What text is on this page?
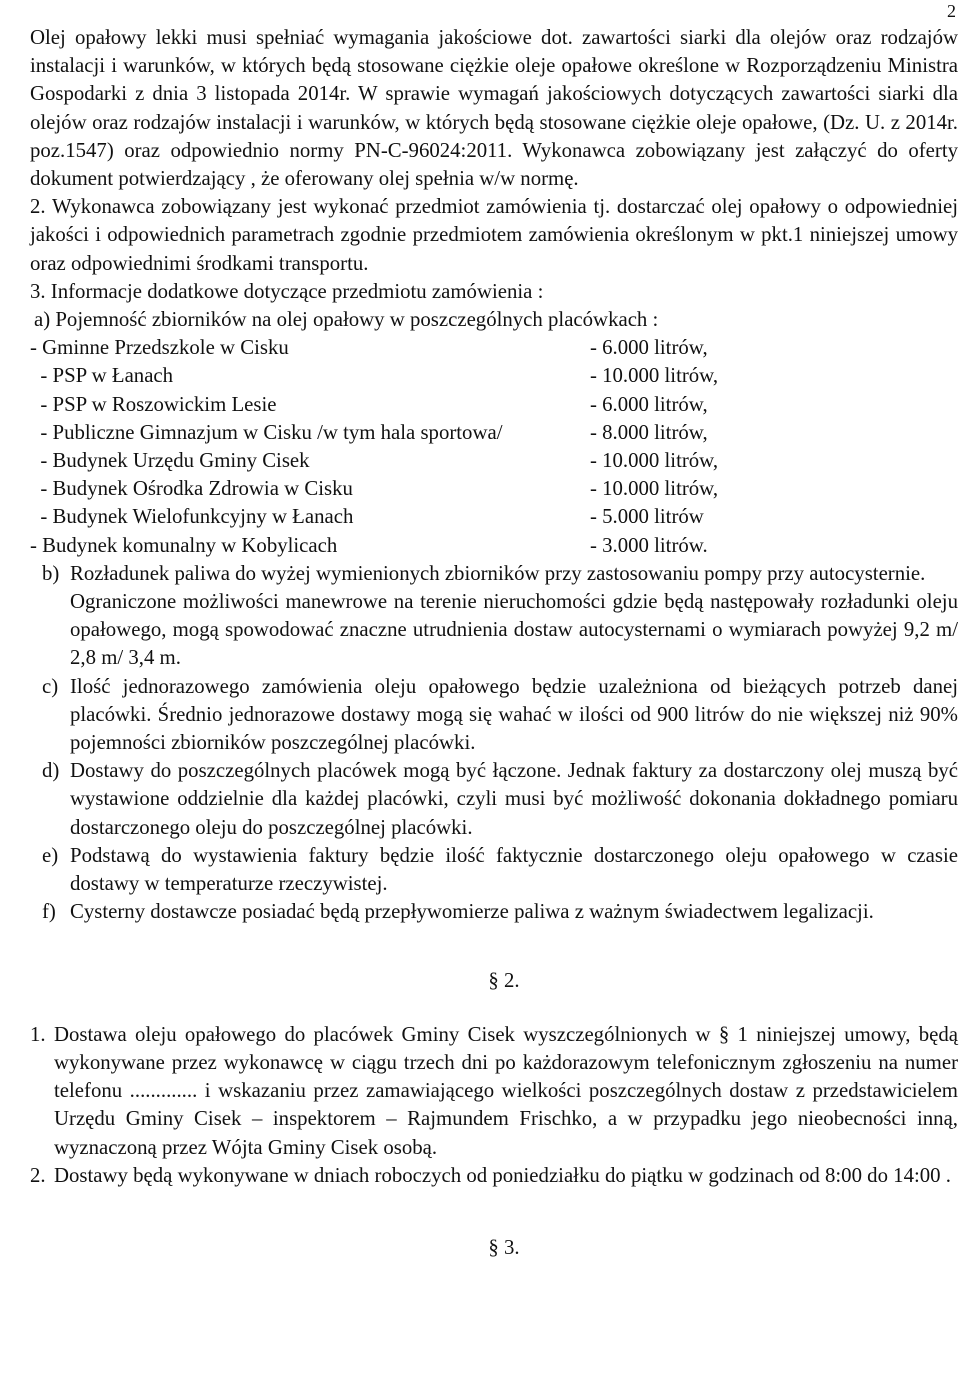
2

Olej opałowy lekki musi spełniać wymagania jakościowe dot. zawartości siarki dla olejów oraz rodzajów instalacji i warunków, w których będą stosowane ciężkie oleje opałowe określone w Rozporządzeniu Ministra Gospodarki z dnia 3 listopada 2014r. W sprawie wymagań jakościowych dotyczących zawartości siarki dla olejów oraz rodzajów instalacji i warunków, w których będą stosowane ciężkie oleje opałowe, (Dz. U. z 2014r. poz.1547) oraz odpowiednio normy PN-C-96024:2011. Wykonawca zobowiązany jest załączyć do oferty dokument potwierdzający , że oferowany olej spełnia w/w normę.

2. Wykonawca zobowiązany jest wykonać przedmiot zamówienia tj. dostarczać olej opałowy o odpowiedniej jakości i odpowiednich parametrach zgodnie przedmiotem zamówienia określonym w pkt.1 niniejszej umowy oraz odpowiednimi środkami transportu.

3. Informacje dodatkowe dotyczące przedmiotu zamówienia :

a) Pojemność zbiorników na olej opałowy w poszczególnych placówkach :

- Gminne Przedszkole w Cisku	- 6.000 litrów,
- PSP w Łanach	- 10.000 litrów,
- PSP w Roszowickim Lesie	- 6.000 litrów,
- Publiczne Gimnazjum w Cisku /w tym hala sportowa/	- 8.000 litrów,
- Budynek Urzędu Gminy Cisek	- 10.000 litrów,
- Budynek Ośrodka Zdrowia w Cisku	- 10.000 litrów,
- Budynek Wielofunkcyjny w Łanach	- 5.000 litrów
- Budynek komunalny w Kobylicach	- 3.000 litrów.
b) Rozładunek paliwa do wyżej wymienionych zbiorników przy zastosowaniu pompy przy autocysternie.
Ograniczone możliwości manewrowe na terenie nieruchomości gdzie będą następowały rozładunki oleju opałowego, mogą spowodować znaczne utrudnienia dostaw autocysternami o wymiarach powyżej 9,2 m/ 2,8 m/ 3,4 m.
c) Ilość jednorazowego zamówienia oleju opałowego będzie uzależniona od bieżących potrzeb danej placówki. Średnio jednorazowe dostawy mogą się wahać w ilości od 900 litrów do nie większej niż 90% pojemności zbiorników poszczególnej placówki.
d) Dostawy do poszczególnych placówek mogą być łączone. Jednak faktury za dostarczony olej muszą być wystawione oddzielnie dla każdej placówki, czyli musi być możliwość dokonania dokładnego pomiaru dostarczonego oleju do poszczególnej placówki.
e) Podstawą do wystawienia faktury będzie ilość faktycznie dostarczonego oleju opałowego w czasie dostawy w temperaturze rzeczywistej.
f) Cysterny dostawcze posiadać będą przepływomierze paliwa z ważnym świadectwem legalizacji.

§ 2.

1. Dostawa oleju opałowego do placówek Gminy Cisek wyszczególnionych w § 1 niniejszej umowy, będą wykonywane przez wykonawcę w ciągu trzech dni po każdorazowym telefonicznym zgłoszeniu na numer telefonu ............. i wskazaniu przez zamawiającego wielkości poszczególnych dostaw z przedstawicielem Urzędu Gminy Cisek – inspektorem – Rajmundem Frischko, a w przypadku jego nieobecności inną, wyznaczoną przez Wójta Gminy Cisek osobą.
2. Dostawy będą wykonywane w dniach roboczych od poniedziałku do piątku w godzinach od 8:00 do 14:00 .

§ 3.
